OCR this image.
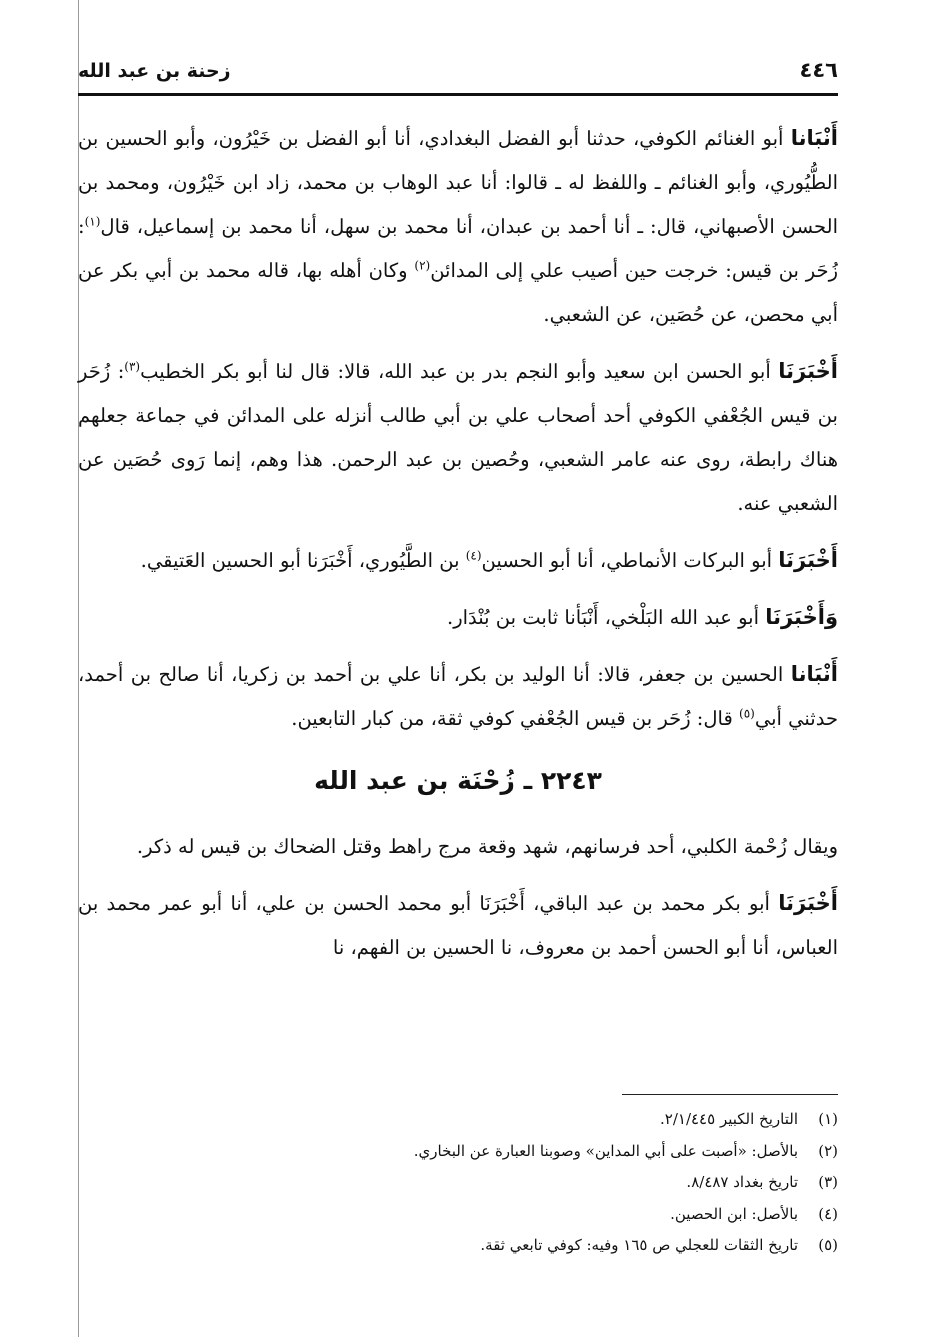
٤٤٦
زحنة بن عبد الله

أَنْبَانا أبو الغنائم الكوفي، حدثنا أبو الفضل البغدادي، أنا أبو الفضل بن خَيْرُون، وأبو الحسين بن الطُّيُوري، وأبو الغنائم ـ واللفظ له ـ قالوا: أنا عبد الوهاب بن محمد، زاد ابن خَيْرُون، ومحمد بن الحسن الأصبهاني، قال: ـ أنا أحمد بن عبدان، أنا محمد بن سهل، أنا محمد بن إسماعيل، قال$^{(١)}$: زُحَر بن قيس: خرجت حين أصيب علي إلى المدائن$^{(٢)}$ وكان أهله بها، قاله محمد بن أبي بكر عن أبي محصن، عن حُصَين، عن الشعبي.

أَخْبَرَنَا أبو الحسن ابن سعيد وأبو النجم بدر بن عبد الله، قالا: قال لنا أبو بكر الخطيب$^{(٣)}$: زُحَر بن قيس الجُعْفي الكوفي أحد أصحاب علي بن أبي طالب أنزله على المدائن في جماعة جعلهم هناك رابطة، روى عنه عامر الشعبي، وحُصين بن عبد الرحمن. هذا وهم، إنما رَوى حُصَين عن الشعبي عنه.

أَخْبَرَنَا أبو البركات الأنماطي، أنا أبو الحسين$^{(٤)}$ بن الطَّيُوري، أَخْبَرَنا أبو الحسين العَتيقي.

وَأَخْبَرَنَا أبو عبد الله البَلْخي، أَنْبَأنا ثابت بن بُنْدَار.

أَنْبَانا الحسين بن جعفر، قالا: أنا الوليد بن بكر، أنا علي بن أحمد بن زكريا، أنا صالح بن أحمد، حدثني أبي$^{(٥)}$ قال: زُحَر بن قيس الجُعْفي كوفي ثقة، من كبار التابعين.

٢٢٤٣ ـ زُحْنَة بن عبد الله

ويقال زُحْمة الكلبي، أحد فرسانهم، شهد وقعة مرج راهط وقتل الضحاك بن قيس له ذكر.

أَخْبَرَنَا أبو بكر محمد بن عبد الباقي، أَخْبَرَنَا أبو محمد الحسن بن علي، أنا أبو عمر محمد بن العباس، أنا أبو الحسن أحمد بن معروف، نا الحسين بن الفهم، نا

(١)التاريخ الكبير ٢/١/٤٤٥.
(٢)بالأصل: «أصبت على أبي المداين» وصوبنا العبارة عن البخاري.
(٣)تاريخ بغداد ٨/٤٨٧.
(٤)بالأصل: ابن الحصين.
(٥)تاريخ الثقات للعجلي ص ١٦٥ وفيه: كوفي تابعي ثقة.
